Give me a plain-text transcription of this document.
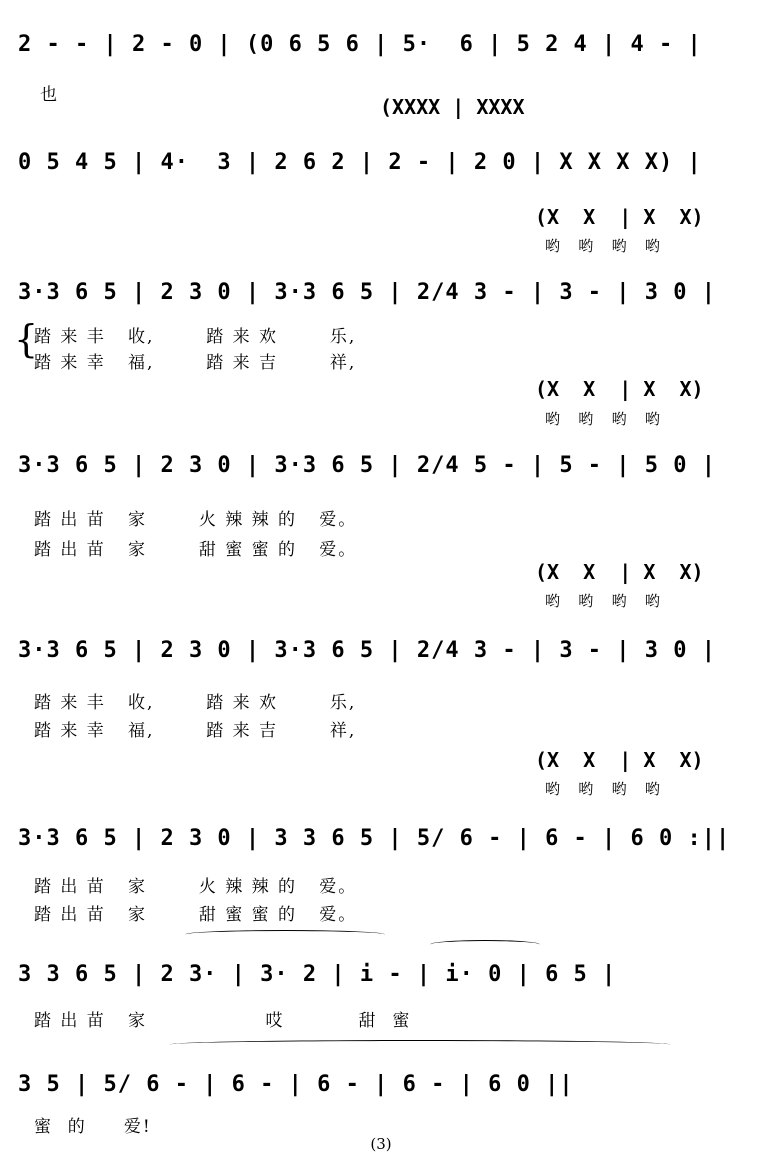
2 - - | 2 - 0 | (0 6 5 6 | 5·  6 | 5 2 4 | 4 - |
也	(XXXX | XXXX
0 5 4 5 | 4·  3 | 2 6 2 | 2 - | 2 0 | X X X X) |
(X  X  | X  X)
哟   哟   哟   哟
3·3 6 5 | 2 3 0 | 3·3 6 5 | 2/4 3 - | 3 - | 3 0 |
{
踏 来 丰   收,       踏 来 欢       乐,
踏 来 幸   福,       踏 来 吉       祥,
(X  X  | X  X)
哟   哟   哟   哟
3·3 6 5 | 2 3 0 | 3·3 6 5 | 2/4 5 - | 5 - | 5 0 |
踏 出 苗   家       火 辣 辣 的   爱。
踏 出 苗   家       甜 蜜 蜜 的   爱。
(X  X  | X  X)
哟   哟   哟   哟
3·3 6 5 | 2 3 0 | 3·3 6 5 | 2/4 3 - | 3 - | 3 0 |
踏 来 丰   收,       踏 来 欢       乐,
踏 来 幸   福,       踏 来 吉       祥,
(X  X  | X  X)
哟   哟   哟   哟
3·3 6 5 | 2 3 0 | 3 3 6 5 | 5/ 6 - | 6 - | 6 0 :||
踏 出 苗   家       火 辣 辣 的   爱。
踏 出 苗   家       甜 蜜 蜜 的   爱。
3 3 6 5 | 2 3· | 3· 2 | i - | i· 0 | 6 5 |
踏 出 苗   家                哎          甜  蜜
3 5 | 5/ 6 - | 6 - | 6 - | 6 - | 6 0 ||
蜜  的     爱!
(3)
